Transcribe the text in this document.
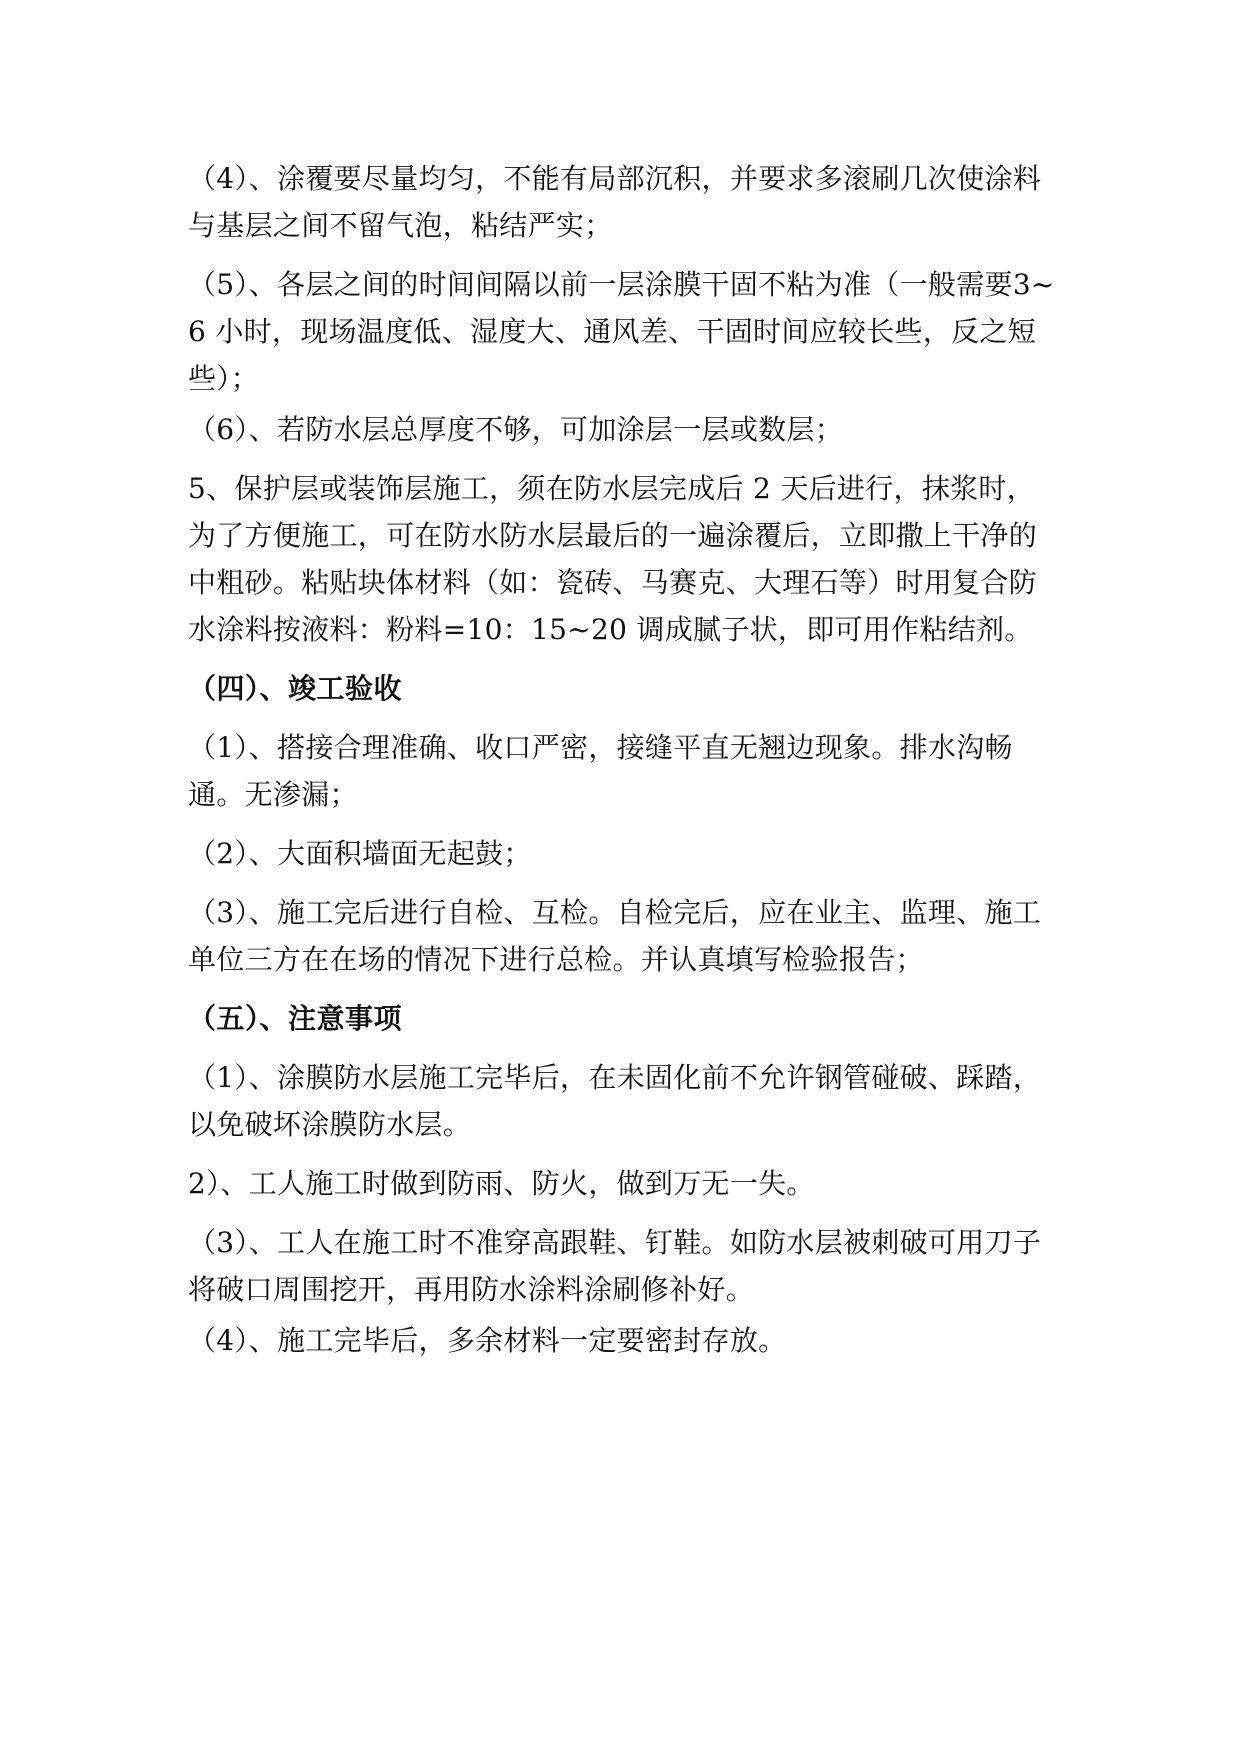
（4）、涂覆要尽量均匀，不能有局部沉积，并要求多滚刷几次使涂料与基层之间不留气泡，粘结严实；

（5）、各层之间的时间间隔以前一层涂膜干固不粘为准（一般需要3~6 小时，现场温度低、湿度大、通风差、干固时间应较长些，反之短些）；

（6）、若防水层总厚度不够，可加涂层一层或数层；

5、保护层或装饰层施工，须在防水层完成后 2 天后进行，抹浆时，为了方便施工，可在防水防水层最后的一遍涂覆后，立即撒上干净的中粗砂。粘贴块体材料（如：瓷砖、马赛克、大理石等）时用复合防水涂料按液料：粉料=10：15~20 调成腻子状，即可用作粘结剂。

（四）、竣工验收

（1）、搭接合理准确、收口严密，接缝平直无翘边现象。排水沟畅通。无渗漏；

（2）、大面积墙面无起鼓；

（3）、施工完后进行自检、互检。自检完后，应在业主、监理、施工单位三方在在场的情况下进行总检。并认真填写检验报告；

（五）、注意事项

（1）、涂膜防水层施工完毕后，在未固化前不允许钢管碰破、踩踏，以免破坏涂膜防水层。

2）、工人施工时做到防雨、防火，做到万无一失。

（3）、工人在施工时不准穿高跟鞋、钉鞋。如防水层被刺破可用刀子将破口周围挖开，再用防水涂料涂刷修补好。

（4）、施工完毕后，多余材料一定要密封存放。
